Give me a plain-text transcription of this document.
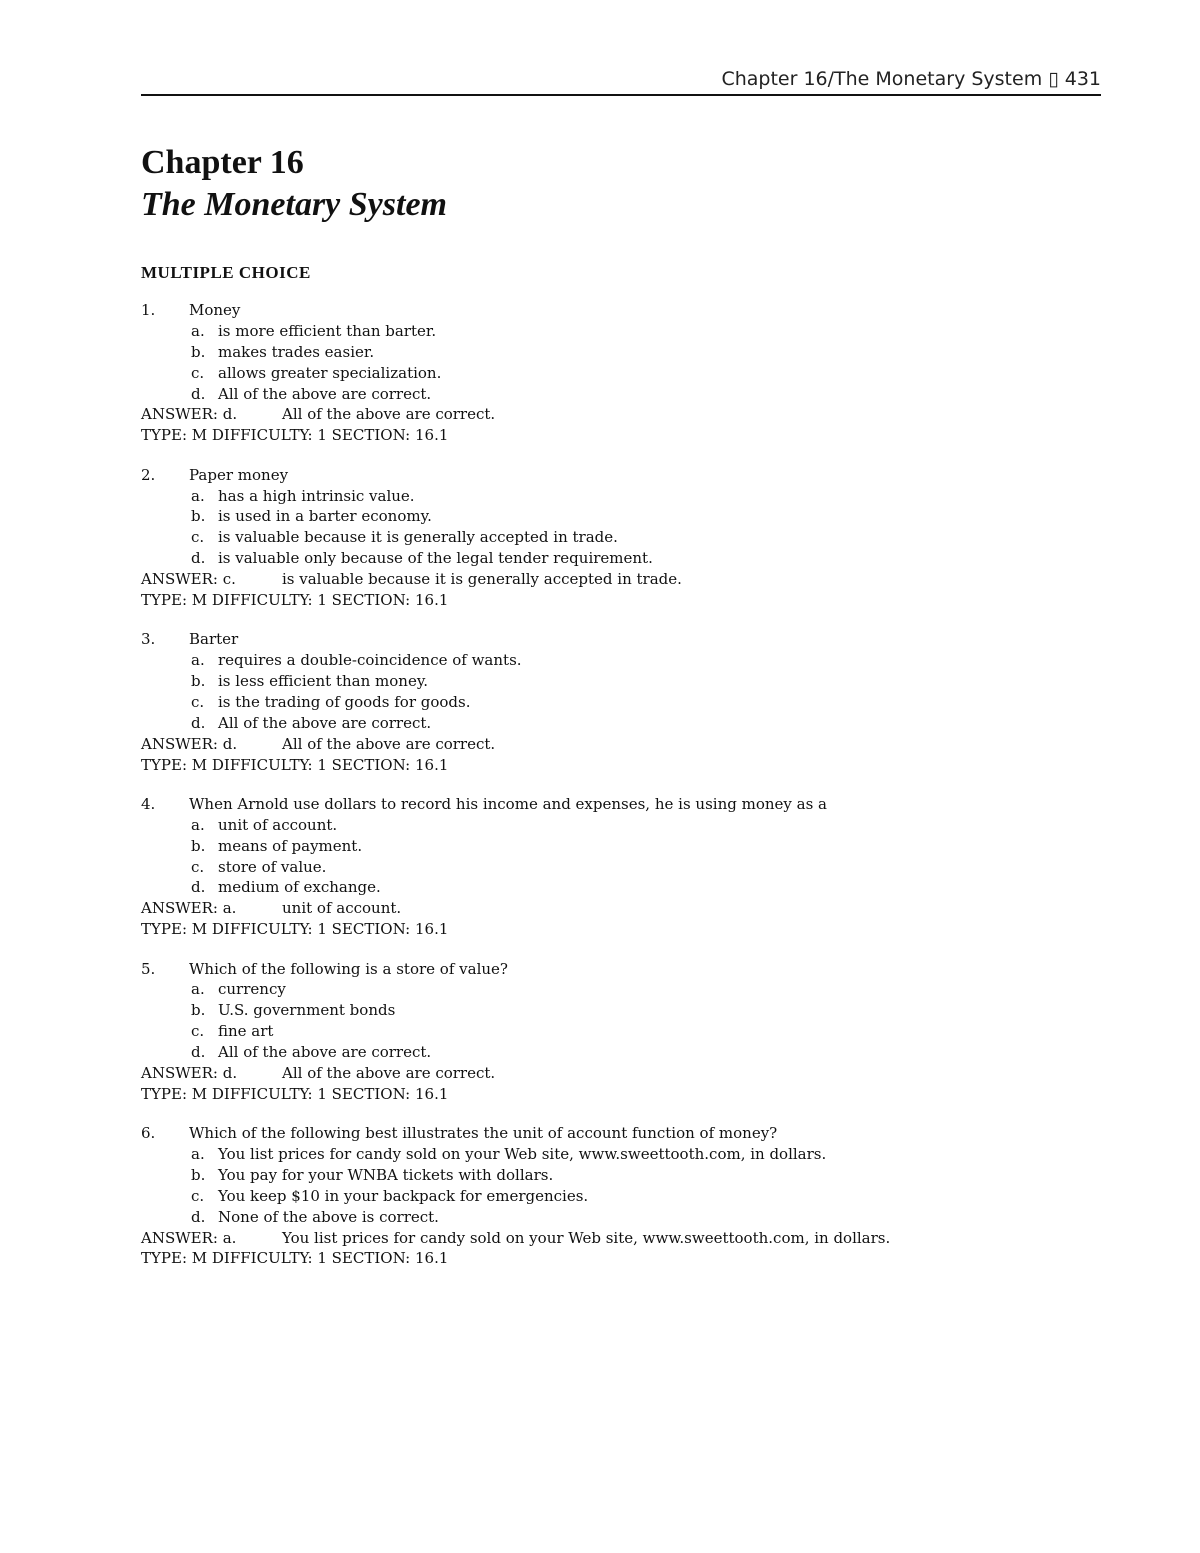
Chapter 16/The Monetary System ▯ 431
Chapter 16
The Monetary System
MULTIPLE CHOICE
1. Money
a. is more efficient than barter.
b. makes trades easier.
c. allows greater specialization.
d. All of the above are correct.
ANSWER: d.	All of the above are correct.
TYPE: M DIFFICULTY: 1 SECTION: 16.1
2. Paper money
a. has a high intrinsic value.
b. is used in a barter economy.
c. is valuable because it is generally accepted in trade.
d. is valuable only because of the legal tender requirement.
ANSWER: c.	is valuable because it is generally accepted in trade.
TYPE: M DIFFICULTY: 1 SECTION: 16.1
3. Barter
a. requires a double-coincidence of wants.
b. is less efficient than money.
c. is the trading of goods for goods.
d. All of the above are correct.
ANSWER: d.	All of the above are correct.
TYPE: M DIFFICULTY: 1 SECTION: 16.1
4. When Arnold use dollars to record his income and expenses, he is using money as a
a. unit of account.
b. means of payment.
c. store of value.
d. medium of exchange.
ANSWER: a.	unit of account.
TYPE: M DIFFICULTY: 1 SECTION: 16.1
5. Which of the following is a store of value?
a. currency
b. U.S. government bonds
c. fine art
d. All of the above are correct.
ANSWER: d.	All of the above are correct.
TYPE: M DIFFICULTY: 1 SECTION: 16.1
6. Which of the following best illustrates the unit of account function of money?
a. You list prices for candy sold on your Web site, www.sweettooth.com, in dollars.
b. You pay for your WNBA tickets with dollars.
c. You keep $10 in your backpack for emergencies.
d. None of the above is correct.
ANSWER: a.	You list prices for candy sold on your Web site, www.sweettooth.com, in dollars.
TYPE: M DIFFICULTY: 1 SECTION: 16.1
